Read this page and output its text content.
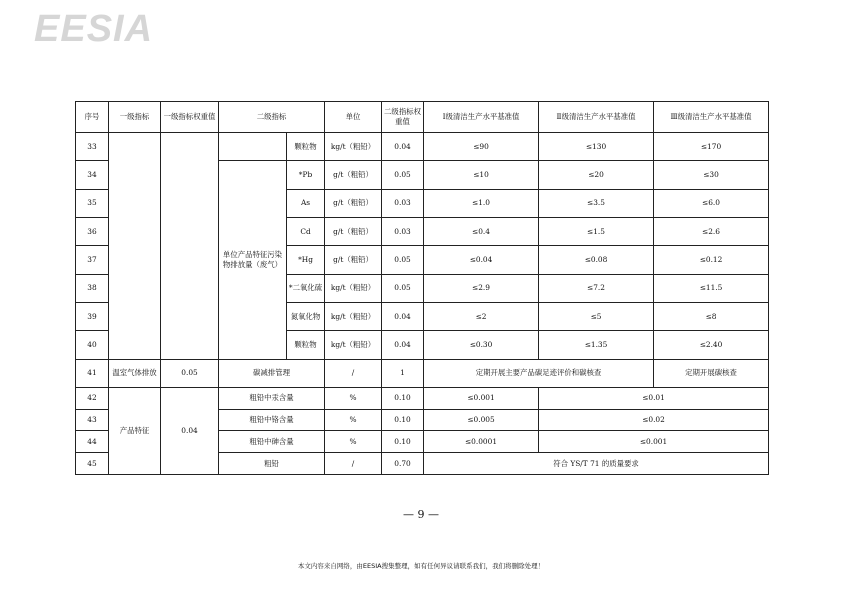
EESIA
序号	一级指标	一级指标权重值	二级指标		单位	二级指标权重值	Ⅰ级清洁生产水平基准值	Ⅱ级清洁生产水平基准值	Ⅲ级清洁生产水平基准值
33				颗粒物	kg/t（粗铅）	0.04	≤90	≤130	≤170
34			单位产品特征污染物排放量（废气）	*Pb	g/t（粗铅）	0.05	≤10	≤20	≤30
35				As	g/t（粗铅）	0.03	≤1.0	≤3.5	≤6.0
36				Cd	g/t（粗铅）	0.03	≤0.4	≤1.5	≤2.6
37				*Hg	g/t（粗铅）	0.05	≤0.04	≤0.08	≤0.12
38				*二氧化硫	kg/t（粗铅）	0.05	≤2.9	≤7.2	≤11.5
39				氮氧化物	kg/t（粗铅）	0.04	≤2	≤5	≤8
40				颗粒物	kg/t（粗铅）	0.04	≤0.30	≤1.35	≤2.40
41	温室气体排放	0.05	碳减排管理		/	1	定期开展主要产品碳足迹评价和碳核查		定期开展碳核查
42	产品特征	0.04	粗铅中汞含量		%	0.10	≤0.001	≤0.01	
43			粗铅中铬含量		%	0.10	≤0.005	≤0.02	
44			粗铅中砷含量		%	0.10	≤0.0001	≤0.001	
45			粗铅		/	0.70	符合 YS/T 71 的质量要求		
— 9 —
本文内容来自网络，由EESIA搜集整理，如有任何异议请联系我们，我们将删除处理！
